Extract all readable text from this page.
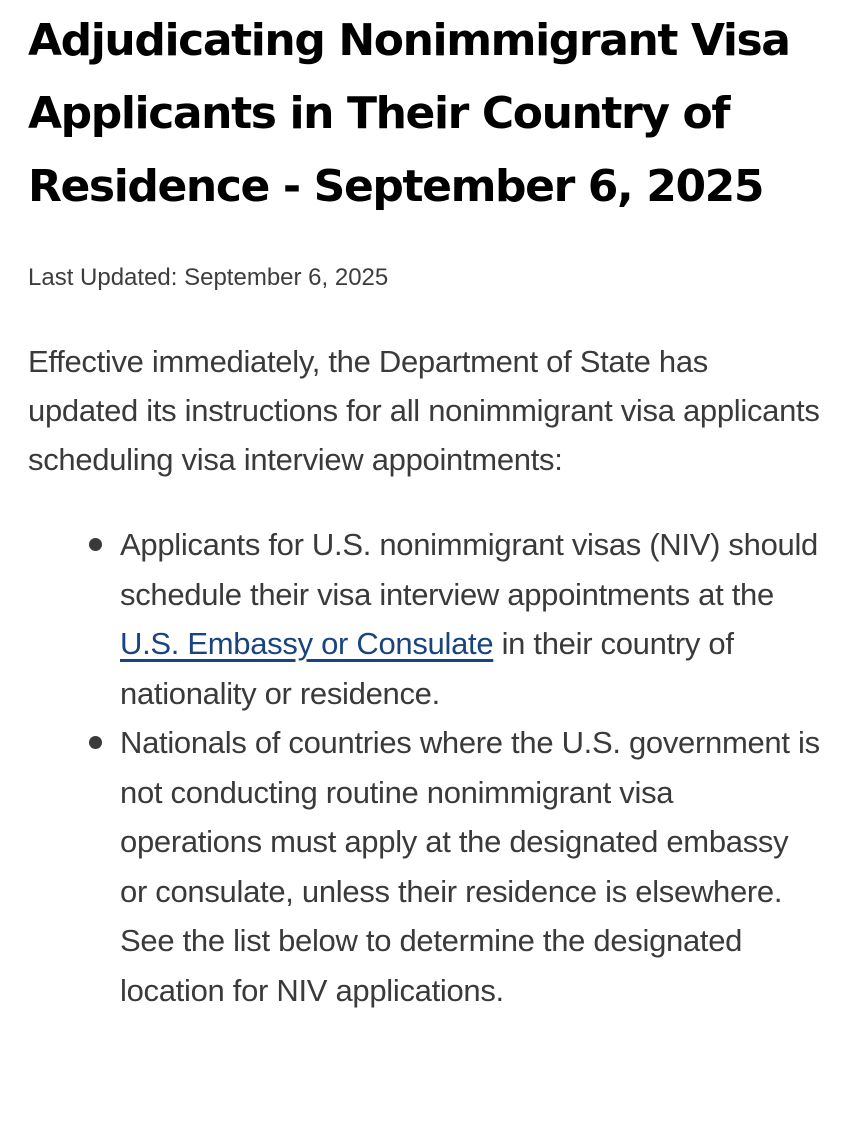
Adjudicating Nonimmigrant Visa Applicants in Their Country of Residence - September 6, 2025

Last Updated: September 6, 2025

Effective immediately, the Department of State has updated its instructions for all nonimmigrant visa applicants scheduling visa interview appointments:

Applicants for U.S. nonimmigrant visas (NIV) should schedule their visa interview appointments at the U.S. Embassy or Consulate in their country of nationality or residence.
Nationals of countries where the U.S. government is not conducting routine nonimmigrant visa operations must apply at the designated embassy or consulate, unless their residence is elsewhere. See the list below to determine the designated location for NIV applications.
